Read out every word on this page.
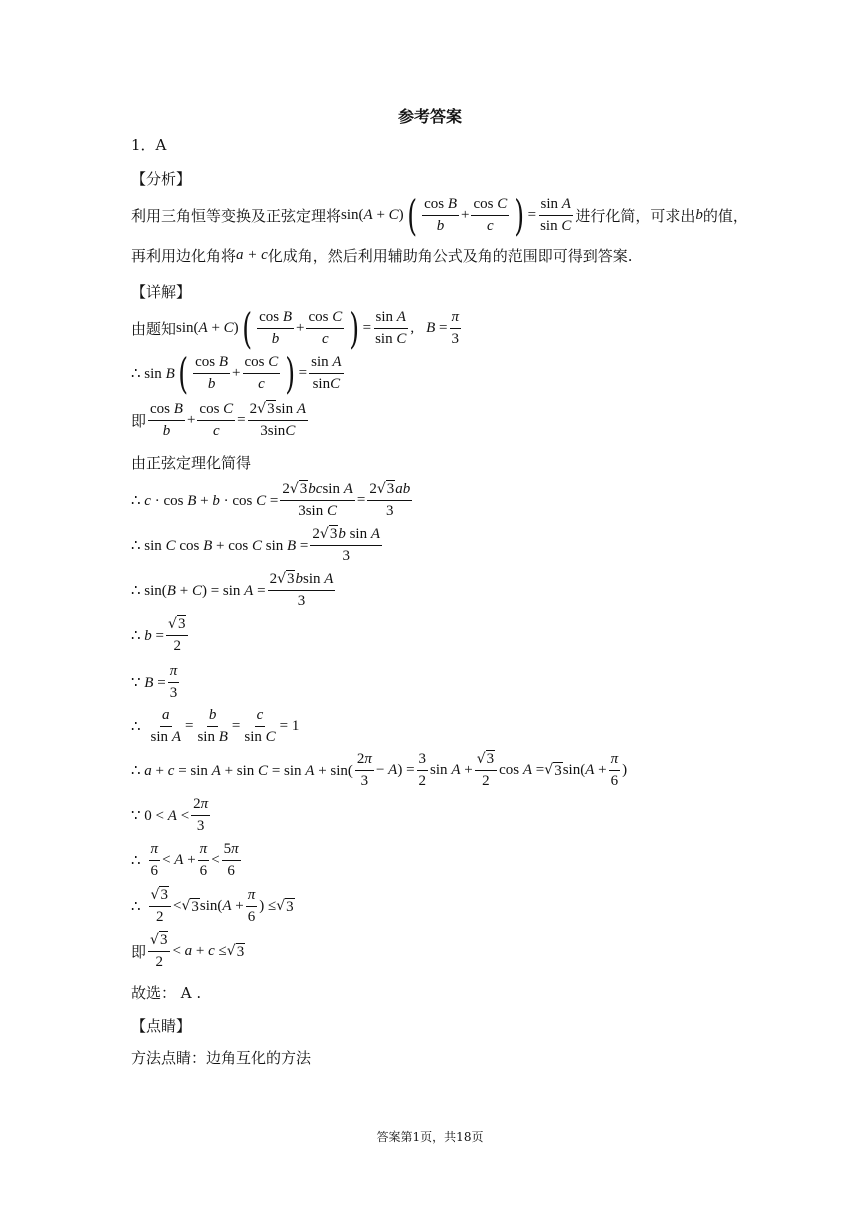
参考答案
1．A
【分析】
利用三角恒等变换及正弦定理将 sin(A + C) ( $\frac{\text{cos B}}{b} + \frac{\text{cos C}}{c}$ ) = $\frac{\text{sin A}}{\text{sin C}}$ 进行化简，可求出 b 的值，
再利用边化角将 a + c 化成角，然后利用辅助角公式及角的范围即可得到答案.
【详解】
由题知 sin(A + C) ( $\frac{\text{cos B}}{b} + \frac{\text{cos C}}{c}$ ) = $\frac{\text{sin A}}{\text{sin C}}$ , $B = \frac{\pi}{3}$
∴ sin B ( $\frac{\text{cos B}}{b} + \frac{\text{cos C}}{c}$ ) = $\frac{\text{sin A}}{\sin C}$
即 $\frac{\text{cos B}}{b} + \frac{\text{cos C}}{c} = \frac{\text{2 √ 3 sin A}}{3\sin C}$
由正弦定理化简得
∴ $c \cdot \cos B + b \cdot \cos C = \frac{\text{2 √ 3 bcsin A}}{\text{3sin C}} = \frac{2 √ 3 ab}{3}$
∴ sin C cos B + cos C $\sin B = \frac{\text{2 √ 3 b sin A}}{3}$
∴ $\sin(B + C) = \sin A = \frac{\text{2 √ 3 bsin A}}{3}$
∴ $b = \frac{√ 3}{2}$
∵ $B = \frac{\pi}{3}$
∴ $\frac{a}{\text{sin A}} = \frac{b}{\text{sin B}} = \frac{c}{\text{sin C}} = 1$
∴ $a + c = \sin A + \sin C = \sin A + \sin( \frac{2\pi}{3} - A) = \frac{3}{2}$ $\sin A + \frac{√ 3}{2}$ cos A = √ 3 $\sin(A + \frac{\pi}{6}$ )
∵ $0 < A < \frac{2\pi}{3}$
∴ $\frac{\pi}{6} < A + \frac{\pi}{6} < \frac{5\pi}{6}$
∴ $\frac{√ 3}{2}$ < √ 3 $\sin(A + \frac{\pi}{6}$ ) ≤ √ 3
即 $\frac{√ 3}{2} < a + c$ ≤ √ 3
故选： A .
【点睛】
方法点睛：边角互化的方法
答案第1页，共18页
